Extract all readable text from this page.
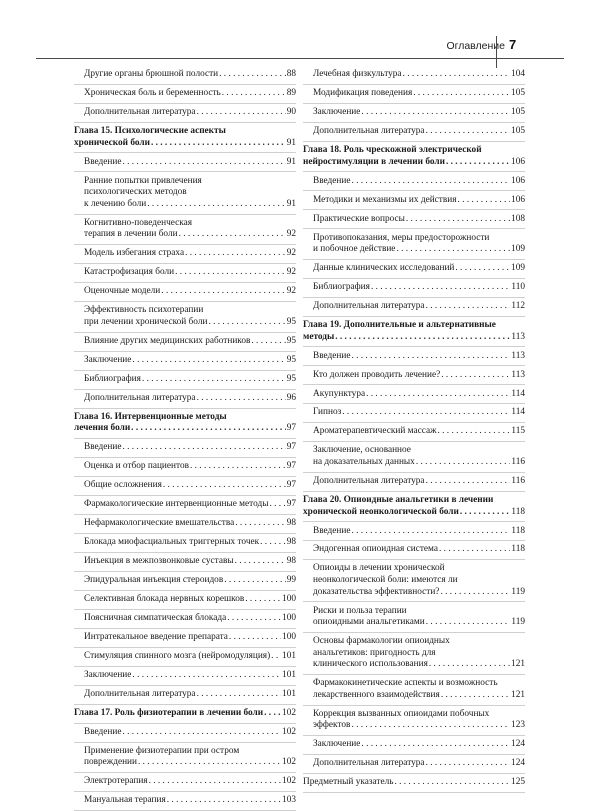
Оглавление 7
Другие органы брюшной полости . . .	88
Хроническая боль и беременность . . .	89
Дополнительная литература . . .	90
Глава 15. Психологические аспекты
хронической боли . . .	91
Введение . . .	91
Ранние попытки привлечения
психологических методов
к лечению боли . . .	91
Когнитивно-поведенческая
терапия в лечении боли . . .	92
Модель избегания страха . . .	92
Катастрофизация боли . . .	92
Оценочные модели . . .	92
Эффективность психотерапии
при лечении хронической боли . . .	95
Влияние других медицинских работников . . .	95
Заключение . . .	95
Библиография . . .	95
Дополнительная литература . . .	96
Глава 16. Интервенционные методы
лечения боли . . .	97
Введение . . .	97
Оценка и отбор пациентов . . .	97
Общие осложнения . . .	97
Фармакологические интервенционные методы . . . 97
Нефармакологические вмешательства . . .	98
Блокада миофасциальных триггерных точек . . .	98
Инъекция в межпозвонковые суставы . . .	98
Эпидуральная инъекция стероидов . . .	99
Селективная блокада нервных корешков . . .	100
Поясничная симпатическая блокада . . .	100
Интратекальное введение препарата . . .	100
Стимуляция спинного мозга (нейромодуляция) . . . 101
Заключение . . .	101
Дополнительная литература . . .	101
Глава 17. Роль физиотерапии в лечении боли . . . 102
Введение . . .	102
Применение физиотерапии при остром
повреждении . . .	102
Электротерапия . . .	102
Мануальная терапия . . .	103
Лечебная физкультура . . .	104
Модификация поведения . . .	105
Заключение . . .	105
Дополнительная литература . . .	105
Глава 18. Роль чрескожной электрической
нейростимуляции в лечении боли . . .	106
Введение . . .	106
Методики и механизмы их действия . . .	106
Практические вопросы . . .	108
Противопоказания, меры предосторожности
и побочное действие . . .	109
Данные клинических исследований . . .	109
Библиография . . .	110
Дополнительная литература . . .	112
Глава 19. Дополнительные и альтернативные
методы . . .	113
Введение . . .	113
Кто должен проводить лечение? . . .	113
Акупунктура . . .	114
Гипноз . . .	114
Ароматерапевтический массаж . . .	115
Заключение, основанное
на доказательных данных . . .	116
Дополнительная литература . . .	116
Глава 20. Опиоидные анальгетики в лечении
хронической неонкологической боли . . .	118
Введение . . .	118
Эндогенная опиоидная система . . .	118
Опиоиды в лечении хронической
неонкологической боли: имеются ли
доказательства эффективности? . . .	119
Риски и польза терапии
опиоидными анальгетиками . . .	119
Основы фармакологии опиоидных
анальгетиков: пригодность для
клинического использования . . .	121
Фармакокинетические аспекты и возможность
лекарственного взаимодействия . . .	121
Коррекция вызванных опиоидами побочных
эффектов . . .	123
Заключение . . .	124
Дополнительная литература . . .	124
Предметный указатель . . .	125
